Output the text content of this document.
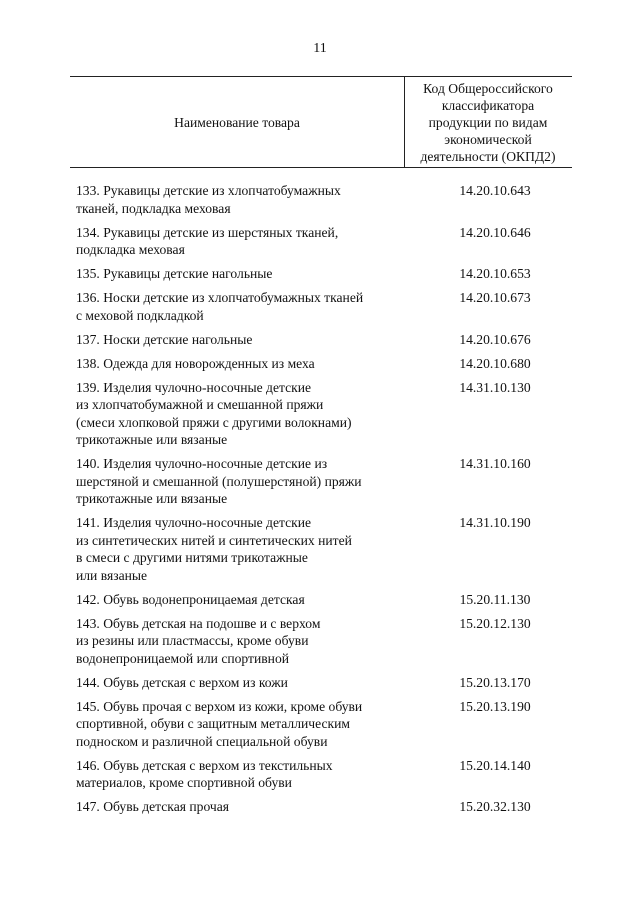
11
Наименование товара
Код Общероссийского
классификатора
продукции по видам
экономической
деятельности (ОКПД2)
133. Рукавицы детские из хлопчатобумажных
тканей, подкладка меховая
14.20.10.643
134. Рукавицы детские из шерстяных тканей,
подкладка меховая
14.20.10.646
135. Рукавицы детские нагольные	14.20.10.653
136. Носки детские из хлопчатобумажных тканей
с меховой подкладкой
14.20.10.673
137. Носки детские нагольные	14.20.10.676
138. Одежда для новорожденных из меха	14.20.10.680
139. Изделия чулочно-носочные детские
из хлопчатобумажной и смешанной пряжи
(смеси хлопковой пряжи с другими волокнами)
трикотажные или вязаные
14.31.10.130
140. Изделия чулочно-носочные детские из
шерстяной и смешанной (полушерстяной) пряжи
трикотажные или вязаные
14.31.10.160
141. Изделия чулочно-носочные детские
из синтетических нитей и синтетических нитей
в смеси с другими нитями трикотажные
или вязаные
14.31.10.190
142. Обувь водонепроницаемая детская	15.20.11.130
143. Обувь детская на подошве и с верхом
из резины или пластмассы, кроме обуви
водонепроницаемой или спортивной
15.20.12.130
144. Обувь детская с верхом из кожи	15.20.13.170
145. Обувь прочая с верхом из кожи, кроме обуви
спортивной, обуви с защитным металлическим
подноском и различной специальной обуви
15.20.13.190
146. Обувь детская с верхом из текстильных
материалов, кроме спортивной обуви
15.20.14.140
147. Обувь детская прочая	15.20.32.130
